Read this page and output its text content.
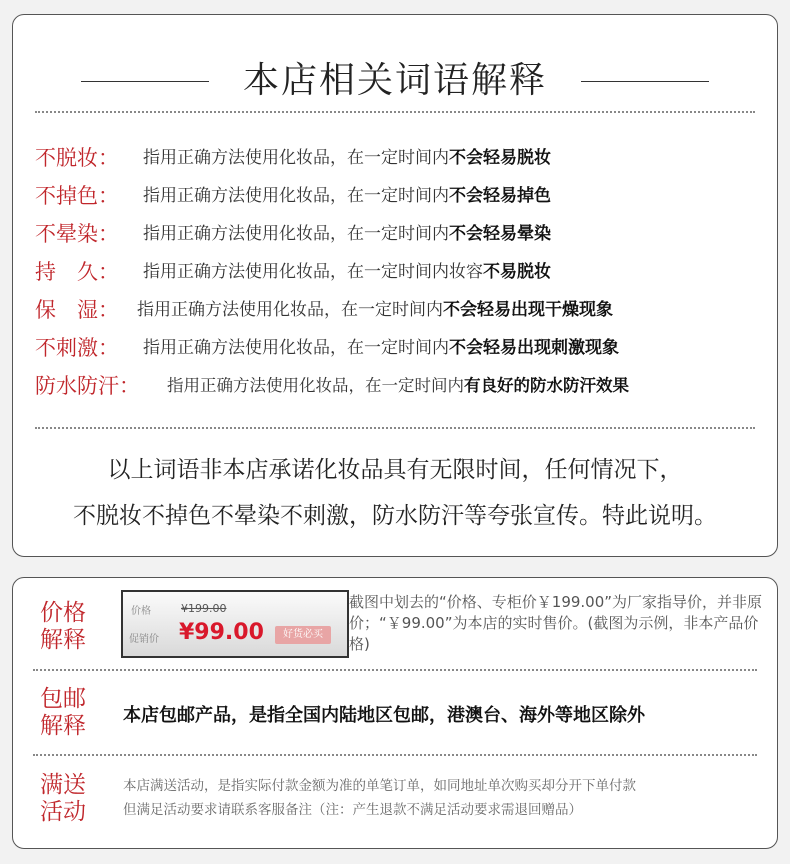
本店相关词语解释
不脱妆： 指用正确方法使用化妆品，在一定时间内不会轻易脱妆
不掉色： 指用正确方法使用化妆品，在一定时间内不会轻易掉色
不晕染： 指用正确方法使用化妆品，在一定时间内不会轻易晕染
持　久： 指用正确方法使用化妆品，在一定时间内妆容不易脱妆
保　湿： 指用正确方法使用化妆品，在一定时间内不会轻易出现干燥现象
不刺激： 指用正确方法使用化妆品，在一定时间内不会轻易出现刺激现象
防水防汗： 指用正确方法使用化妆品，在一定时间内有良好的防水防汗效果
以上词语非本店承诺化妆品具有无限时间，任何情况下，
不脱妆不掉色不晕染不刺激，防水防汗等夸张宣传。特此说明。
价格
解释
价格	¥199.00
促销价 ¥99.00	好货必买
截图中划去的“价格、专柜价￥199.00”为厂家指导价，并非原价；“￥99.00”为本店的实时售价。(截图为示例，非本产品价格)
包邮
解释	本店包邮产品，是指全国内陆地区包邮，港澳台、海外等地区除外
满送
活动
本店满送活动，是指实际付款金额为准的单笔订单，如同地址单次购买却分开下单付款
但满足活动要求请联系客服备注（注：产生退款不满足活动要求需退回赠品）
